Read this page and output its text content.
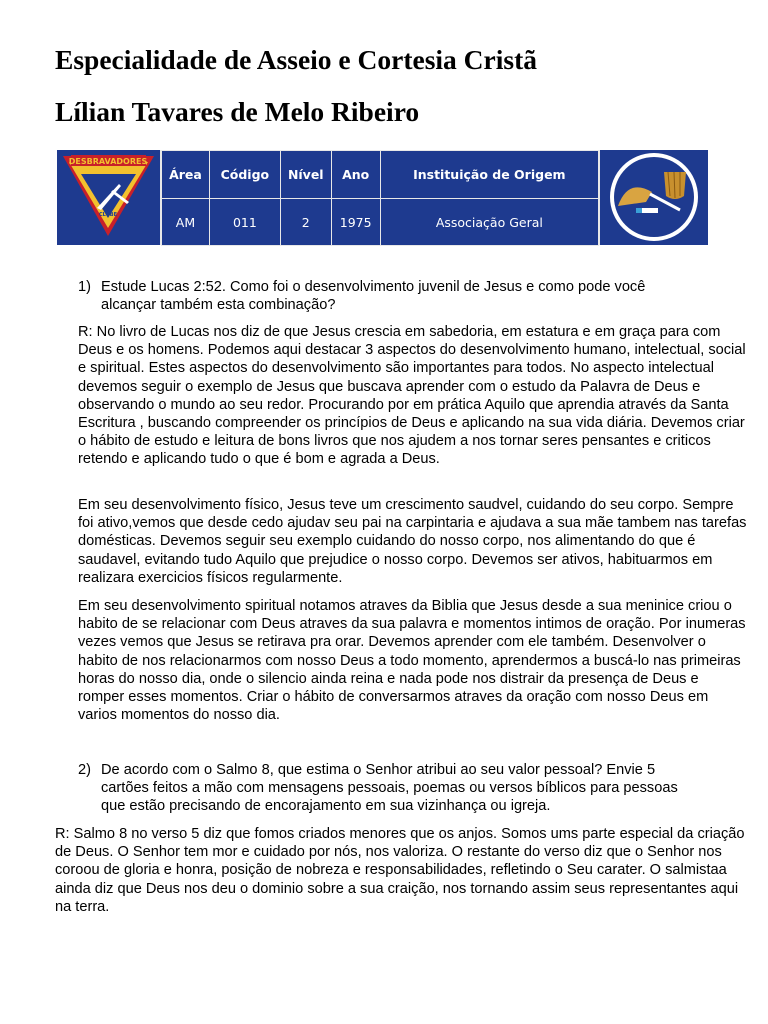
Especialidade de Asseio e Cortesia Cristã
Lílian Tavares de Melo Ribeiro
DESBRAVADORES
CLUBE
Área	Código	Nível	Ano	Instituição de Origem
AM	011	2	1975	Associação Geral
1) Estude Lucas 2:52. Como foi o desenvolvimento juvenil de Jesus e como pode você alcançar também esta combinação?

R: No livro de Lucas nos diz de que Jesus crescia em sabedoria, em estatura e em graça para com Deus e os homens. Podemos aqui destacar 3 aspectos do desenvolvimento humano, intelectual, social e spiritual. Estes aspectos do desenvolvimento são importantes para todos. No aspecto intelectual devemos seguir o exemplo de Jesus que buscava aprender com o estudo da Palavra de Deus e observando o mundo ao seu redor. Procurando por em prática Aquilo que aprendia através da Santa Escritura , buscando compreender os princípios de Deus e aplicando na sua vida diária. Devemos criar o hábito de estudo e leitura de bons livros que nos ajudem a nos tornar seres pensantes e criticos retendo e aplicando tudo o que é bom e agrada a Deus.

Em seu desenvolvimento físico, Jesus teve um crescimento saudvel, cuidando do seu corpo. Sempre foi ativo,vemos que desde cedo ajudav seu pai na carpintaria e ajudava a sua mãe tambem nas tarefas domésticas. Devemos seguir seu exemplo cuidando do nosso corpo, nos alimentando do que é saudavel, evitando tudo Aquilo que prejudice o nosso corpo. Devemos ser ativos, habituarmos em realizara exercicios físicos regularmente.

Em seu desenvolvimento spiritual notamos atraves da Biblia que Jesus desde a sua meninice criou o habito de se relacionar com Deus atraves da sua palavra e momentos intimos de oração. Por inumeras vezes vemos que Jesus se retirava pra orar. Devemos aprender com ele também. Desenvolver o habito de nos relacionarmos com nosso Deus a todo momento, aprendermos a buscá-lo nas primeiras horas do nosso dia, onde o silencio ainda reina e nada pode nos distrair da presença de Deus e romper esses momentos. Criar o hábito de conversarmos atraves da oração com nosso Deus em varios momentos do nosso dia.

2) De acordo com o Salmo 8, que estima o Senhor atribui ao seu valor pessoal? Envie 5 cartões feitos a mão com mensagens pessoais, poemas ou versos bíblicos para pessoas que estão precisando de encorajamento em sua vizinhança ou igreja.

R: Salmo 8 no verso 5 diz que fomos criados menores que os anjos. Somos ums parte especial da criação de Deus. O Senhor tem mor e cuidado por nós, nos valoriza. O restante do verso diz que o Senhor nos coroou de gloria e honra, posição de nobreza e responsabilidades, refletindo o Seu carater. O salmistaa ainda diz que Deus nos deu o dominio sobre a sua craição, nos tornando assim seus representantes aqui na terra.
